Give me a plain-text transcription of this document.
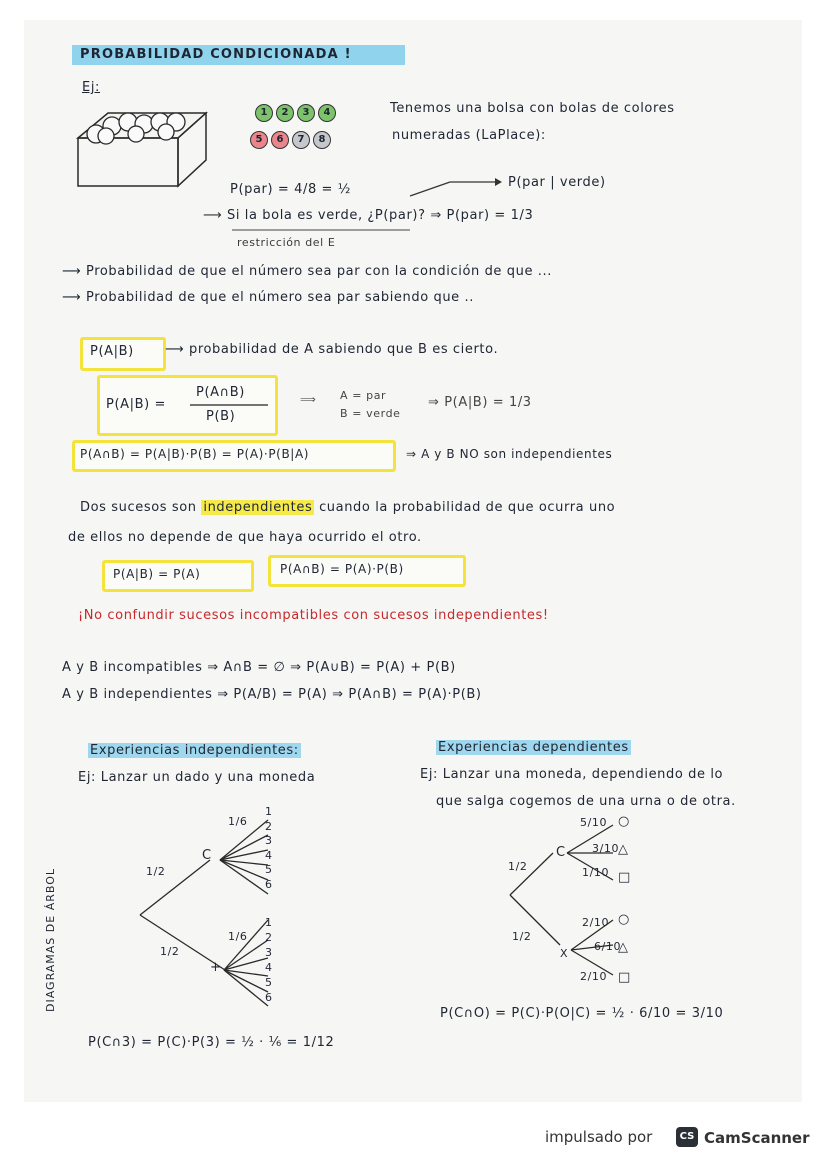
PROBABILIDAD CONDICIONADA !
Ej:
1 2 3 4
5 6 7 8
Tenemos una bolsa con bolas de colores
numeradas (LaPlace):
P(par) = 4/8 = ½	P(par | verde)
⟶ Si la bola es verde, ¿P(par)? ⇒ P(par) = 1/3
restricción del E
⟶ Probabilidad de que el número sea par con la condición de que ...
⟶ Probabilidad de que el número sea par sabiendo que ..
P(A|B) ⟶ probabilidad de A sabiendo que B es cierto.
P(A|B) =
P(A∩B)
P(B)
⟹ A = par
B = verde
⇒ P(A|B) = 1/3
P(A∩B) = P(A|B)·P(B) = P(A)·P(B|A)	⇒ A y B NO son independientes
Dos sucesos son independientes cuando la probabilidad de que ocurra uno
de ellos no depende de que haya ocurrido el otro.
P(A|B) = P(A)	P(A∩B) = P(A)·P(B)
¡No confundir sucesos incompatibles con sucesos independientes!
A y B incompatibles ⇒ A∩B = ∅ ⇒ P(A∪B) = P(A) + P(B)
A y B independientes ⇒ P(A/B) = P(A) ⇒ P(A∩B) = P(A)·P(B)
Experiencias independientes:
Ej: Lanzar un dado y una moneda
1/2
1/2
C
+
1/6
1/6
1
2
3
4
5
6
1
2
3
4
5
6
P(C∩3) = P(C)·P(3) = ½ · ⅙ = 1/12
DIAGRAMAS DE ÁRBOL
Experiencias dependientes
Ej: Lanzar una moneda, dependiendo de lo
que salga cogemos de una urna o de otra.
1/2
1/2
C
X
5/10
3/10
1/10
2/10
6/10
2/10
○
△
□
○
△
□
P(C∩O) = P(C)·P(O|C) = ½ · 6/10 = 3/10
impulsado por	CS CamScanner
